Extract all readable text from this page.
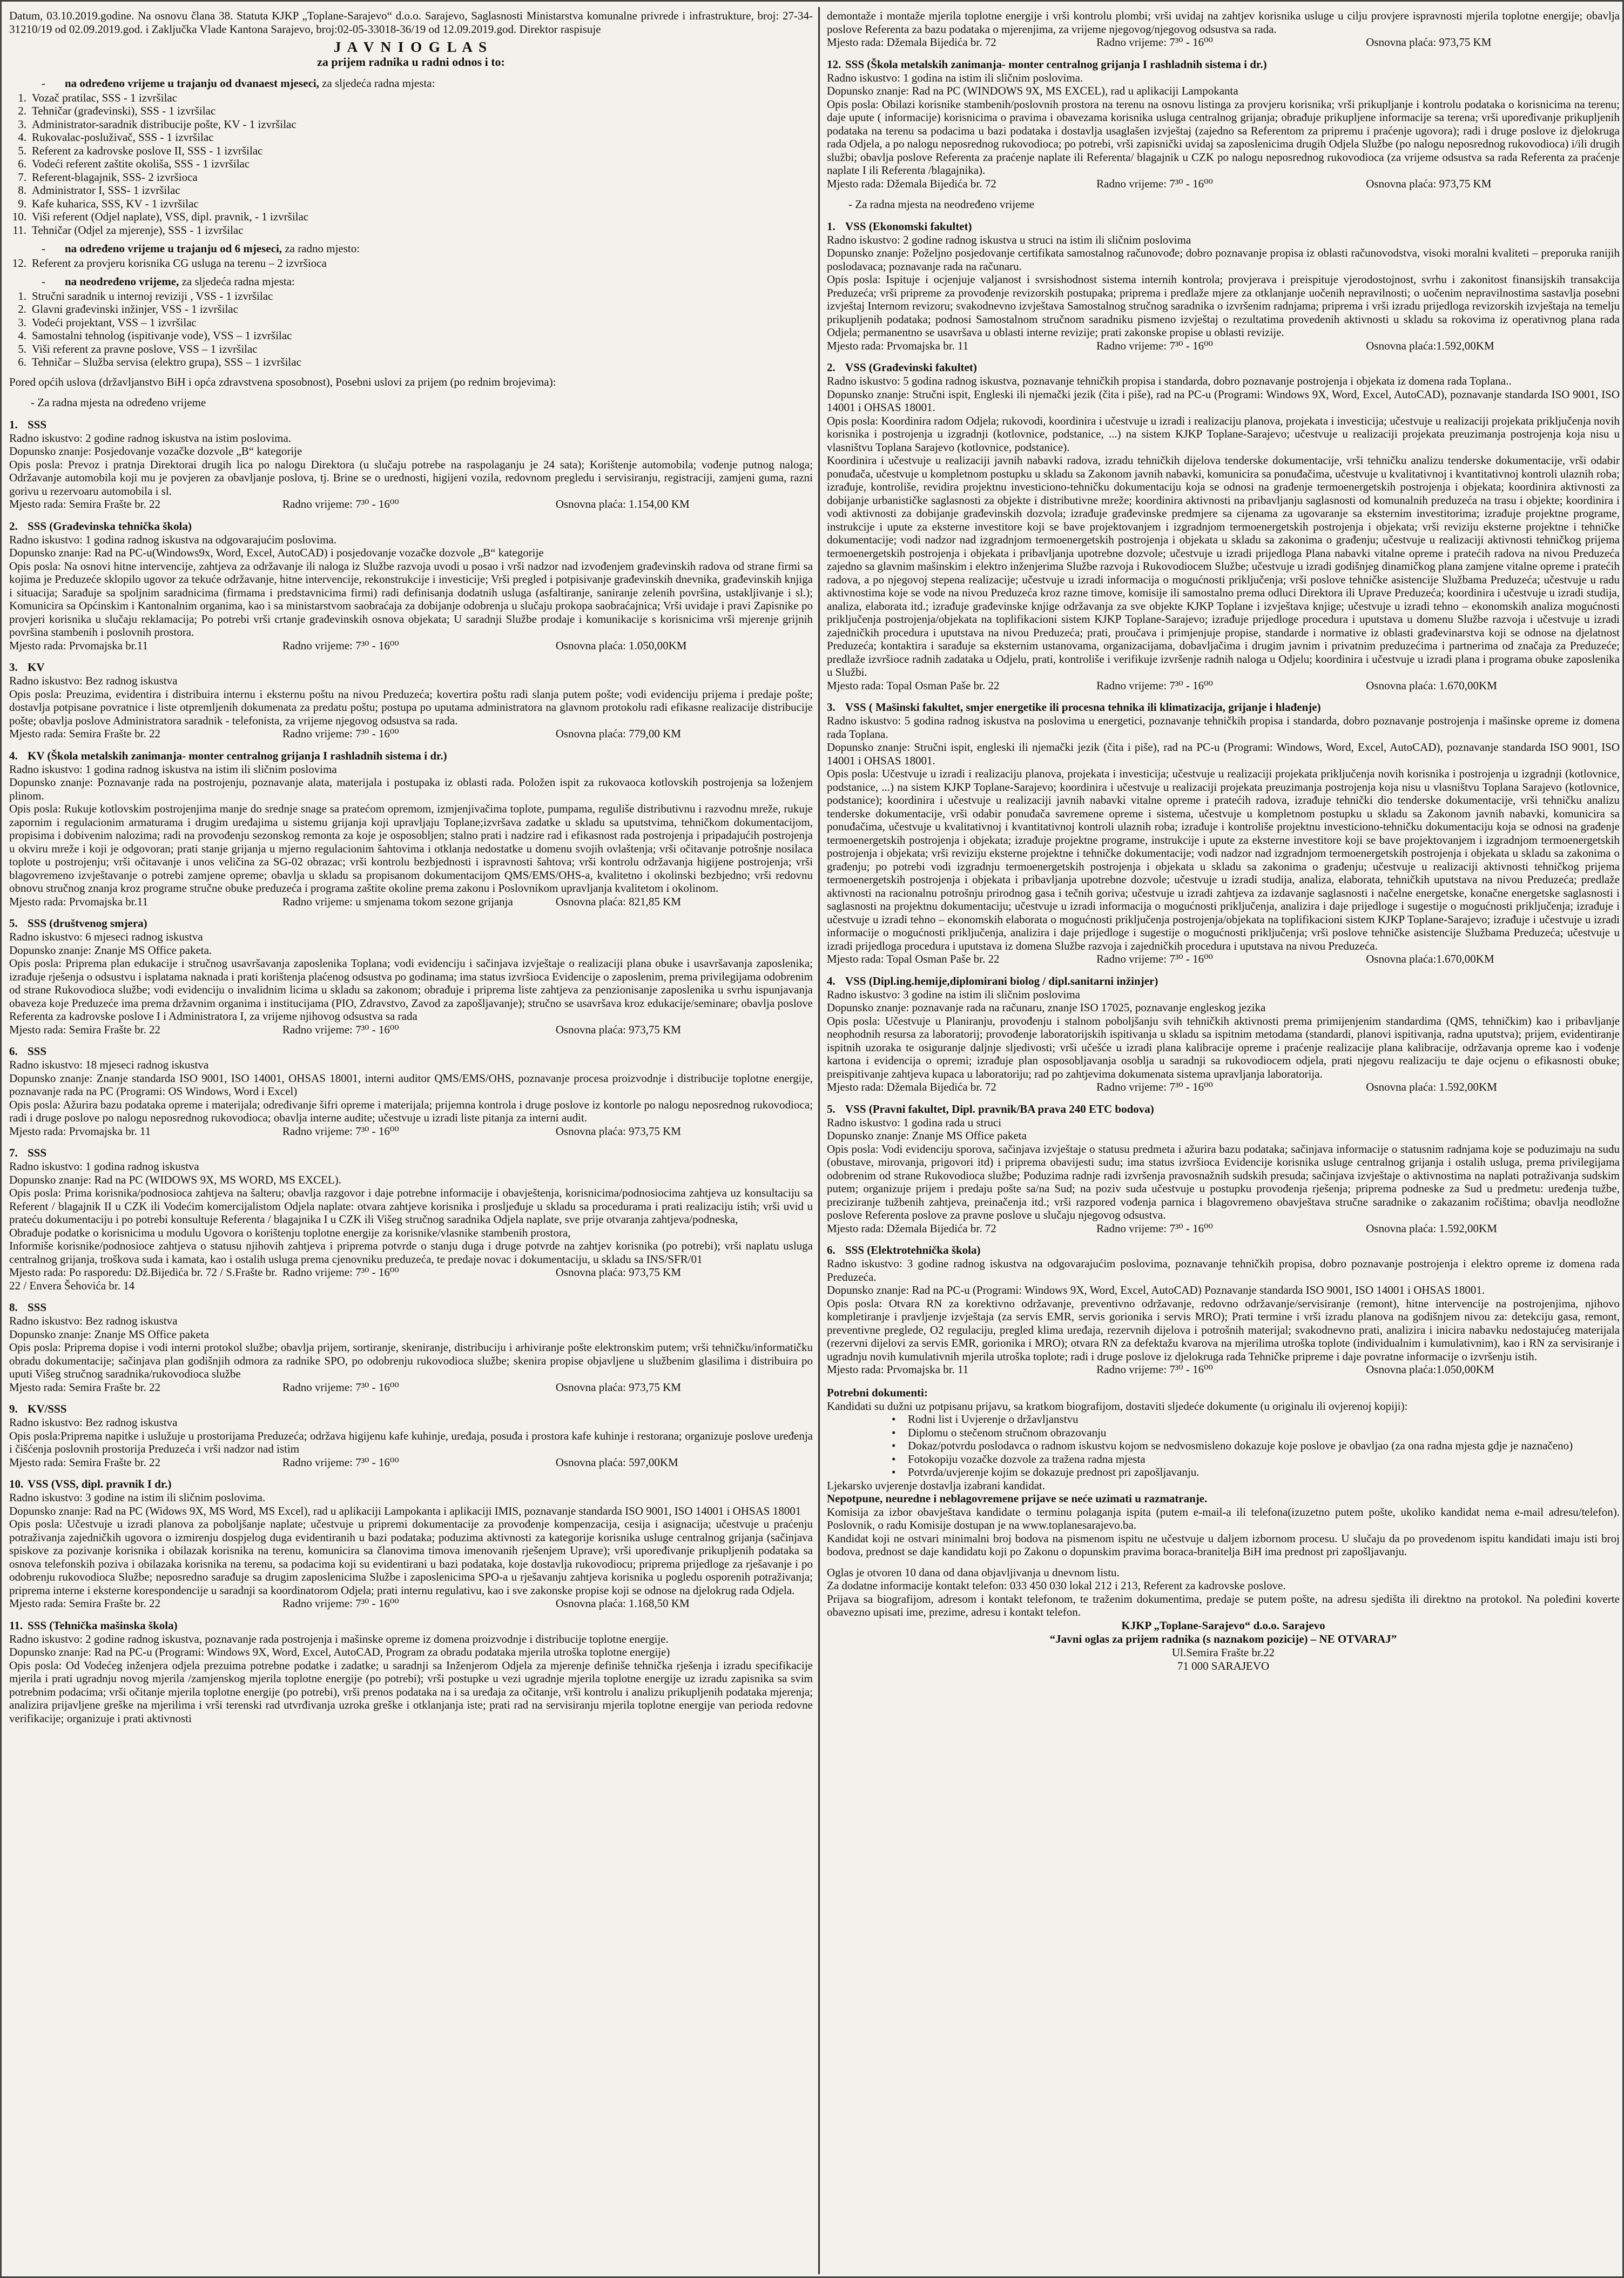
Datum, 03.10.2019.godine. Na osnovu člana 38. Statuta KJKP „Toplane-Sarajevo“ d.o.o. Sarajevo, Saglasnosti Ministarstva komunalne privrede i infrastrukture, broj: 27-34-31210/19 od 02.09.2019.god. i Zaključka Vlade Kantona Sarajevo, broj:02-05-33018-36/19 od 12.09.2019.god. Direktor raspisuje

J A V N I O G L A S
za prijem radnika u radni odnos i to:
- na određeno vrijeme u trajanju od dvanaest mjeseci, za sljedeća radna mjesta:
1. Vozač pratilac, SSS - 1 izvršilac
2. Tehničar (građevinski), SSS - 1 izvršilac
3. Administrator-saradnik distribucije pošte, KV - 1 izvršilac
4. Rukovalac-posluživač, SSS - 1 izvršilac
5. Referent za kadrovske poslove II, SSS - 1 izvršilac
6. Vodeći referent zaštite okoliša, SSS - 1 izvršilac
7. Referent-blagajnik, SSS- 2 izvršioca
8. Administrator I, SSS- 1 izvršilac
9. Kafe kuharica, SSS, KV - 1 izvršilac
10. Viši referent (Odjel naplate), VSS, dipl. pravnik, - 1 izvršilac
11. Tehničar (Odjel za mjerenje), SSS - 1 izvršilac
- na određeno vrijeme u trajanju od 6 mjeseci, za radno mjesto:
12. Referent za provjeru korisnika CG usluga na terenu – 2 izvršioca
- na neodređeno vrijeme, za sljedeća radna mjesta:
1. Stručni saradnik u internoj reviziji , VSS - 1 izvršilac
2. Glavni građevinski inžinjer, VSS - 1 izvršilac
3. Vodeći projektant, VSS – 1 izvršilac
4. Samostalni tehnolog (ispitivanje vode), VSS – 1 izvršilac
5. Viši referent za pravne poslove, VSS – 1 izvršilac
6. Tehničar – Služba servisa (elektro grupa), SSS – 1 izvršilac

Pored općih uslova (državljanstvo BiH i opća zdravstvena sposobnost), Posebni uslovi za prijem (po rednim brojevima):

- Za radna mjesta na određeno vrijeme
1. SSS

Radno iskustvo: 2 godine radnog iskustva na istim poslovima.

Dopunsko znanje: Posjedovanje vozačke dozvole „B“ kategorije

Opis posla: Prevoz i pratnja Direktorai drugih lica po nalogu Direktora (u slučaju potrebe na raspolaganju je 24 sata); Korištenje automobila; vođenje putnog naloga; Održavanje automobila koji mu je povjeren za obavljanje poslova, tj. Brine se o urednosti, higijeni vozila, redovnom pregledu i servisiranju, registraciji, zamjeni guma, razni gorivu u rezervoaru automobila i sl.

Mjesto rada: Semira Frašte br. 22	Radno vrijeme: 7³⁰ - 16⁰⁰	Osnovna plaća: 1.154,00 KM
2. SSS (Građevinska tehnička škola)

Radno iskustvo: 1 godina radnog iskustva na odgovarajućim poslovima.

Dopunsko znanje: Rad na PC-u(Windows9x, Word, Excel, AutoCAD) i posjedovanje vozačke dozvole „B“ kategorije

Opis posla: Na osnovi hitne intervencije, zahtjeva za održavanje ili naloga iz Službe razvoja uvodi u posao i vrši nadzor nad izvođenjem građevinskih radova od strane firmi sa kojima je Preduzeće sklopilo ugovor za tekuće održavanje, hitne intervencije, rekonstrukcije i investicije; Vrši pregled i potpisivanje građevinskih dnevnika, građevinskih knjiga i situacija; Sarađuje sa spoljnim saradnicima (firmama i predstavnicima firmi) radi definisanja dodatnih usluga (asfaltiranje, saniranje zelenih površina, ustakljivanje i sl.); Komunicira sa Općinskim i Kantonalnim organima, kao i sa ministarstvom saobraćaja za dobijanje odobrenja u slučaju prokopa saobraćajnica; Vrši uvidaje i pravi Zapisnike po provjeri korisnika u slučaju reklamacija; Po potrebi vrši crtanje građevinskih osnova objekata; U saradnji Službe prodaje i komunikacije s korisnicima vrši mjerenje grijnih površina stambenih i poslovnih prostora.

Mjesto rada: Prvomajska br.11	Radno vrijeme: 7³⁰ - 16⁰⁰	Osnovna plaća: 1.050,00KM
3. KV

Radno iskustvo: Bez radnog iskustva

Opis posla: Preuzima, evidentira i distribuira internu i eksternu poštu na nivou Preduzeća; kovertira poštu radi slanja putem pošte; vodi evidenciju prijema i predaje pošte; dostavlja potpisane povratnice i liste otpremljenih dokumenata za predatu poštu; postupa po uputama administratora na glavnom protokolu radi efikasne realizacije distribucije pošte; obavlja poslove Administratora saradnik - telefonista, za vrijeme njegovog odsustva sa rada.

Mjesto rada: Semira Frašte br. 22	Radno vrijeme: 7³⁰ - 16⁰⁰	Osnovna plaća: 779,00 KM
4. KV (Škola metalskih zanimanja- monter centralnog grijanja I rashladnih sistema i dr.)

Radno iskustvo: 1 godina radnog iskustva na istim ili sličnim poslovima

Dopunsko znanje: Poznavanje rada na postrojenju, poznavanje alata, materijala i postupaka iz oblasti rada. Položen ispit za rukovaoca kotlovskih postrojenja sa loženjem plinom.

Opis posla: Rukuje kotlovskim postrojenjima manje do srednje snage sa pratećom opremom, izmjenjivačima toplote, pumpama, regulišе distributivnu i razvodnu mreže, rukuje zapornim i regulacionim armaturama i drugim uređajima u sistemu grijanja koji upravljaju Toplane;izvršava zadatke u skladu sa uputstvima, tehničkom dokumentacijom, propisima i dobivenim nalozima; radi na provođenju sezonskog remonta za koje je osposobljen; stalno prati i nadzire rad i efikasnost rada postrojenja i pripadajućih postrojenja u okviru mreže i koji je odgovoran; prati stanje grijanja u mjerno regulacionim šahtovima i otklanja nedostatke u domenu svojih ovlaštenja; vrši očitavanje potrošnje nosilaca toplote u postrojenju; vrši očitavanje i unos veličina za SG-02 obrazac; vrši kontrolu bezbjednosti i ispravnosti šahtova; vrši kontrolu održavanja higijene postrojenja; vrši blagovremeno izvještavanje o potrebi zamjene opreme; obavlja u skladu sa propisanom dokumentacijom QMS/EMS/OHS-a, kvalitetno i okolinski bezbjedno; vrši redovnu obnovu stručnog znanja kroz programe stručne obuke preduzeća i programa zaštite okoline prema zakonu i Poslovnikom upravljanja kvalitetom i okolinom.

Mjesto rada: Prvomajska br.11	Radno vrijeme: u smjenama tokom sezone grijanja	Osnovna plaća: 821,85 KM
5. SSS (društvenog smjera)

Radno iskustvo: 6 mjeseci radnog iskustva

Dopunsko znanje: Znanje MS Office paketa.

Opis posla: Priprema plan edukacije i stručnog usavršavanja zaposlenika Toplana; vodi evidenciju i sačinjava izvještaje o realizaciji plana obuke i usavršavanja zaposlenika; izrađuje rješenja o odsustvu i isplatama naknada i prati korištenja plaćenog odsustva po godinama; ima status izvršioca Evidencije o zaposlenim, prema privilegijama odobrenim od strane Rukovodioca službe; vodi evidenciju o invalidnim licima u skladu sa zakonom; obrađuje i priprema liste zahtjeva za penzionisanje zaposlenika u svrhu ispunjavanja obaveza koje Preduzeće ima prema državnim organima i institucijama (PIO, Zdravstvo, Zavod za zapošljavanje); stručno se usavršava kroz edukacije/seminare; obavlja poslove Referenta za kadrovske poslove I i Administratora I, za vrijeme njihovog odsustva sa rada

Mjesto rada: Semira Frašte br. 22	Radno vrijeme: 7³⁰ - 16⁰⁰	Osnovna plaća: 973,75 KM
6. SSS

Radno iskustvo: 18 mjeseci radnog iskustva

Dopunsko znanje: Znanje standarda ISO 9001, ISO 14001, OHSAS 18001, interni auditor QMS/EMS/OHS, poznavanje procesa proizvodnje i distribucije toplotne energije, poznavanje rada na PC (Programi: OS Windows, Word i Excel)

Opis posla: Ažurira bazu podataka opreme i materijala; određivanje šifri opreme i materijala; prijemna kontrola i druge poslove iz kontorle po nalogu neposrednog rukovodioca; radi i druge poslove po nalogu neposrednog rukovodioca; obavlja interne audite; učestvuje u izradi liste pitanja za interni audit.

Mjesto rada: Prvomajska br. 11	Radno vrijeme: 7³⁰ - 16⁰⁰	Osnovna plaća: 973,75 KM
7. SSS

Radno iskustvo: 1 godina radnog iskustva

Dopunsko znanje: Rad na PC (WIDOWS 9X, MS WORD, MS EXCEL).

Opis posla: Prima korisnika/podnosioca zahtjeva na šalteru; obavlja razgovor i daje potrebne informacije i obavještenja, korisnicima/podnosiocima zahtjeva uz konsultaciju sa Referent / blagajnik II u CZK ili Vodećim komercijalistom Odjela naplate: otvara zahtjeve korisnika i prosljeđuje u skladu sa procedurama i prati realizaciju istih; vrši uvid u prateću dokumentaciju i po potrebi konsultuje Referenta / blagajnika I u CZK ili Višeg stručnog saradnika Odjela naplate, sve prije otvaranja zahtjeva/podneska,

Obrađuje podatke o korisnicima u modulu Ugovora o korištenju toplotne energije za korisnike/vlasnike stambenih prostora,

Informiše korisnike/podnosioce zahtjeva o statusu njihovih zahtjeva i priprema potvrde o stanju duga i druge potvrde na zahtjev korisnika (po potrebi); vrši naplatu usluga centralnog grijanja, troškova suda i kamata, kao i ostalih usluga prema cjenovniku preduzeća, te predaje novac i dokumentaciju, u skladu sa INS/SFR/01

Mjesto rada: Po rasporedu: Dž.Bijedića br. 72 / S.Frašte br. 22 / Envera Šehovića br. 14
Radno vrijeme: 7³⁰ - 16⁰⁰	Osnovna plaća: 973,75 KM
8. SSS

Radno iskustvo: Bez radnog iskustva

Dopunsko znanje: Znanje MS Office paketa

Opis posla: Priprema dopise i vodi interni protokol službe; obavlja prijem, sortiranje, skeniranje, distribuciju i arhiviranje pošte elektronskim putem; vrši tehničku/informatičku obradu dokumentacije; sačinjava plan godišnjih odmora za radnike SPO, po odobrenju rukovodioca službe; skenira propise objavljene u službenim glasilima i distribuira po uputi Višeg stručnog saradnika/rukovodioca službe

Mjesto rada: Semira Frašte br. 22	Radno vrijeme: 7³⁰ - 16⁰⁰	Osnovna plaća: 973,75 KM
9. KV/SSS

Radno iskustvo: Bez radnog iskustva

Opis posla:Priprema napitke i uslužuje u prostorijama Preduzeća; održava higijenu kafe kuhinje, uređaja, posuđa i prostora kafe kuhinje i restorana; organizuje poslove uređenja i čišćenja poslovnih prostorija Preduzeća i vrši nadzor nad istim

Mjesto rada: Semira Frašte br. 22	Radno vrijeme: 7³⁰ - 16⁰⁰	Osnovna plaća: 597,00KM
10. VSS (VSS, dipl. pravnik I dr.)

Radno iskustvo: 3 godine na istim ili sličnim poslovima.

Dopunsko znanje: Rad na PC (Widows 9X, MS Word, MS Excel), rad u aplikaciji Lampokanta i aplikaciji IMIS, poznavanje standarda ISO 9001, ISO 14001 i OHSAS 18001

Opis posla: Učestvuje u izradi planova za poboljšanje naplate; učestvuje u pripremi dokumentacije za provođenje kompenzacija, cesija i asignacija; učestvuje u praćenju potraživanja zajedničkih ugovora o izmirenju dospjelog duga evidentiranih u bazi podataka; poduzima aktivnosti za kategorije korisnika usluge centralnog grijanja (sačinjava spiskove za pozivanje korisnika i obilazak korisnika na terenu, komunicira sa članovima timova imenovanih rješenjem Uprave); vrši upoređivanje prikupljenih podataka sa osnova telefonskih poziva i obilazaka korisnika na terenu, sa podacima koji su evidentirani u bazi podataka, koje dostavlja rukovodiocu; priprema prijedloge za rješavanje i po odobrenju rukovodioca Službe; neposredno sarađuje sa drugim zaposlenicima Službe i zaposlenicima SPO-a u rješavanju zahtjeva korisnika u pogledu osporenih potraživanja; priprema interne i eksterne korespondencije u saradnji sa koordinatorom Odjela; prati internu regulativu, kao i sve zakonske propise koji se odnose na djelokrug rada Odjela.

Mjesto rada: Semira Frašte br. 22	Radno vrijeme: 7³⁰ - 16⁰⁰	Osnovna plaća: 1.168,50 KM
11. SSS (Tehnička mašinska škola)

Radno iskustvo: 2 godine radnog iskustva, poznavanje rada postrojenja i mašinske opreme iz domena proizvodnje i distribucije toplotne energije.

Dopunsko znanje: Rad na PC-u (Programi: Windows 9X, Word, Excel, AutoCAD, Program za obradu podataka mjerila utroška toplotne energije)

Opis posla: Od Vodećeg inženjera odjela prezuima potrebne podatke i zadatke; u saradnji sa Inženjerom Odjela za mjerenje definiše tehnička rješenja i izradu specifikacije mjerila i prati ugradnju novog mjerila /zamjenskog mjerila toplotne energije (po potrebi); vrši postupke u vezi ugradnje mjerila toplotne energije uz izradu zapisnika sa svim potrebnim podacima; vrši očitanje mjerila toplotne energije (po potrebi), vrši prenos podataka na i sa uređaja za očitanje, vrši kontrolu i analizu prikupljenih podataka mjerenja; analizira prijavljene greške na mjerilima i vrši terenski rad utvrđivanja uzroka greške i otklanjanja iste; prati rad na servisiranju mjerila toplotne energije van perioda redovne verifikacije; organizuje i prati aktivnosti

demontaže i montaže mjerila toplotne energije i vrši kontrolu plombi; vrši uvidaj na zahtjev korisnika usluge u cilju provjere ispravnosti mjerila toplotne energije; obavlja poslove Referenta za bazu podataka o mjerenjima, za vrijeme njegovog/njegovog odsustva sa rada.

Mjesto rada: Džemala Bijedića br. 72	Radno vrijeme: 7³⁰ - 16⁰⁰	Osnovna plaća: 973,75 KM
12. SSS (Škola metalskih zanimanja- monter centralnog grijanja I rashladnih sistema i dr.)

Radno iskustvo: 1 godina na istim ili sličnim poslovima.

Dopunsko znanje: Rad na PC (WINDOWS 9X, MS EXCEL), rad u aplikaciji Lampokanta

Opis posla: Obilazi korisnike stambenih/poslovnih prostora na terenu na osnovu listinga za provjeru korisnika; vrši prikupljanje i kontrolu podataka o korisnicima na terenu; daje upute ( informacije) korisnicima o pravima i obavezama korisnika usluga centralnog grijanja; obrađuje prikupljene informacije sa terena; vrši upoređivanje prikupljenih podataka na terenu sa podacima u bazi podataka i dostavlja usaglašen izvještaj (zajedno sa Referentom za pripremu i praćenje ugovora); radi i druge poslove iz djelokruga rada Odjela, a po nalogu neposrednog rukovodioca; po potrebi, vrši zapisnički uvidaj sa zaposlenicima drugih Odjela Službe (po nalogu neposrednog rukovodioca) i/ili drugih službi; obavlja poslove Referenta za praćenje naplate ili Referenta/ blagajnik u CZK po nalogu neposrednog rukovodioca (za vrijeme odsustva sa rada Referenta za praćenje naplate I ili Referenta /blagajnika).

Mjesto rada: Džemala Bijedića br. 72	Radno vrijeme: 7³⁰ - 16⁰⁰	Osnovna plaća: 973,75 KM
- Za radna mjesta na neodređeno vrijeme
1. VSS (Ekonomski fakultet)

Radno iskustvo: 2 godine radnog iskustva u struci na istim ili sličnim poslovima

Dopunsko znanje: Poželjno posjedovanje certifikata samostalnog računovođe; dobro poznavanje propisa iz oblasti računovodstva, visoki moralni kvaliteti – preporuka ranijih poslodavaca; poznavanje rada na računaru.

Opis posla: Ispituje i ocjenjuje valjanost i svrsishodnost sistema internih kontrola; provjerava i preispituje vjerodostojnost, svrhu i zakonitost finansijskih transakcija Preduzeća; vrši pripreme za provođenje revizorskih postupaka; priprema i predlaže mjere za otklanjanje uočenih nepravilnosti; o uočenim nepravilnostima sastavlja posebni izvještaj Internom revizoru; svakodnevno izvještava Samostalnog stručnog saradnika o izvršenim radnjama; priprema i vrši izradu prijedloga revizorskih izvještaja na temelju prikupljenih podataka; podnosi Samostalnom stručnom saradniku pismeno izvještaj o rezultatima provedenih aktivnosti u skladu sa rokovima iz operativnog plana rada Odjela; permanentno se usavršava u oblasti interne revizije; prati zakonske propise u oblasti revizije.

Mjesto rada: Prvomajska br. 11	Radno vrijeme: 7³⁰ - 16⁰⁰	Osnovna plaća:1.592,00KM
2. VSS (Građevinski fakultet)

Radno iskustvo: 5 godina radnog iskustva, poznavanje tehničkih propisa i standarda, dobro poznavanje postrojenja i objekata iz domena rada Toplana..

Dopunsko znanje: Stručni ispit, Engleski ili njemački jezik (čita i piše), rad na PC-u (Programi: Windows 9X, Word, Excel, AutoCAD), poznavanje standarda ISO 9001, ISO 14001 i OHSAS 18001.

Opis posla: Koordinira radom Odjela; rukovodi, koordinira i učestvuje u izradi i realizaciju planova, projekata i investicija; učestvuje u realizaciji projekata priključenja novih korisnika i postrojenja u izgradnji (kotlovnice, podstanice, ...) na sistem KJKP Toplane-Sarajevo; učestvuje u realizaciji projekata preuzimanja postrojenja koja nisu u vlasništvu Toplana Sarajevo (kotlovnice, podstanice).

Koordinira i učestvuje u realizaciji javnih nabavki radova, izradu tehničkih dijelova tenderske dokumentacije, vrši tehničku analizu tenderske dokumentacije, vrši odabir ponuđača, učestvuje u kompletnom postupku u skladu sa Zakonom javnih nabavki, komunicira sa ponuđačima, učestvuje u kvalitativnoj i kvantitativnoj kontroli ulaznih roba; izrađuje, kontroliše, revidira projektnu investiciono-tehničku dokumentaciju koja se odnosi na građenje termoenergetskih postrojenja i objekata; koordinira aktivnosti za dobijanje urbanističke saglasnosti za objekte i distributivne mreže; koordinira aktivnosti na pribavljanju saglasnosti od komunalnih preduzeća na trasu i objekte; koordinira i vodi aktivnosti za dobijanje građevinskih dozvola; izrađuje građevinske predmjere sa cijenama za ugovaranje sa eksternim investitorima; izrađuje projektne programe, instrukcije i upute za eksterne investitore koji se bave projektovanjem i izgradnjom termoenergetskih postrojenja i objekata; vrši reviziju eksterne projektne i tehničke dokumentacije; vodi nadzor nad izgradnjom termoenergetskih postrojenja i objekata u skladu sa zakonima o građenju; učestvuje u realizaciji aktivnosti tehničkog prijema termoenergetskih postrojenja i objekata i pribavljanja upotrebne dozvole; učestvuje u izradi prijedloga Plana nabavki vitalne opreme i pratećih radova na nivou Preduzeća zajedno sa glavnim mašinskim i elektro inženjerima Službe razvoja i Rukovodiocem Službe; učestvuje u izradi godišnjeg dinamičkog plana zamjene vitalne opreme i pratećih radova, a po njegovoj stepena realizacije; učestvuje u izradi informacija o mogućnosti priključenja; vrši poslove tehničke asistencije Službama Preduzeća; učestvuje u radu aktivnostima koje se vode na nivou Preduzeća kroz razne timove, komisije ili samostalno prema odluci Direktora ili Uprave Preduzeća; koordinira i učestvuje u izradi studija, analiza, elaborata itd.; izrađuje građevinske knjige održavanja za sve objekte KJKP Toplane i izvještava knjige; učestvuje u izradi tehno – ekonomskih analiza mogućnosti priključenja postrojenja/objekata na toplifikacioni sistem KJKP Toplane-Sarajevo; izrađuje prijedloge procedura i uputstava u domenu Službe razvoja i učestvuje u izradi zajedničkih procedura i uputstava na nivou Preduzeća; prati, proučava i primjenjuje propise, standarde i normative iz oblasti građevinarstva koji se odnose na djelatnost Preduzeća; kontaktira i sarađuje sa eksternim ustanovama, organizacijama, dobavljačima i drugim javnim i privatnim preduzećima i partnerima od značaja za Preduzeće; predlaže izvršioce radnih zadataka u Odjelu, prati, kontroliše i verifikuje izvršenje radnih naloga u Odjelu; koordinira i učestvuje u izradi plana i programa obuke zaposlenika u Službi.

Mjesto rada: Topal Osman Paše br. 22	Radno vrijeme: 7³⁰ - 16⁰⁰	Osnovna plaća: 1.670,00KM
3. VSS ( Mašinski fakultet, smjer energetike ili procesna tehnika ili klimatizacija, grijanje i hlađenje)

Radno iskustvo: 5 godina radnog iskustva na poslovima u energetici, poznavanje tehničkih propisa i standarda, dobro poznavanje postrojenja i mašinske opreme iz domena rada Toplana.

Dopunsko znanje: Stručni ispit, engleski ili njemački jezik (čita i piše), rad na PC-u (Programi: Windows, Word, Excel, AutoCAD), poznavanje standarda ISO 9001, ISO 14001 i OHSAS 18001.

Opis posla: Učestvuje u izradi i realizaciju planova, projekata i investicija; učestvuje u realizaciji projekata priključenja novih korisnika i postrojenja u izgradnji (kotlovnice, podstanice, ...) na sistem KJKP Toplane-Sarajevo; koordinira i učestvuje u realizaciji projekata preuzimanja postrojenja koja nisu u vlasništvu Toplana Sarajevo (kotlovnice, podstanice); koordinira i učestvuje u realizaciji javnih nabavki vitalne opreme i pratećih radova, izrađuje tehnički dio tenderske dokumentacije, vrši tehničku analizu tenderske dokumentacije, vrši odabir ponuđača savremene opreme i sistema, učestvuje u kompletnom postupku u skladu sa Zakonom javnih nabavki, komunicira sa ponuđačima, učestvuje u kvalitativnoj i kvantitativnoj kontroli ulaznih roba; izrađuje i kontroliše projektnu investiciono-tehničku dokumentaciju koja se odnosi na građenje termoenergetskih postrojenja i objekata; izrađuje projektne programe, instrukcije i upute za eksterne investitore koji se bave projektovanjem i izgradnjom termoenergetskih postrojenja i objekata; vrši reviziju eksterne projektne i tehničke dokumentacije; vodi nadzor nad izgradnjom termoenergetskih postrojenja i objekata u skladu sa zakonima o građenju; po potrebi vodi izgradnju termoenergetskih postrojenja i objekata u skladu sa zakonima o građenju; učestvuje u realizaciji aktivnosti tehničkog prijema termoenergetskih postrojenja i objekata i pribavljanja upotrebne dozvole; učestvuje u izradi studija, analiza, elaborata, tehničkih uputstava na nivou Preduzeća; predlaže aktivnosti na racionalnu potrošnju prirodnog gasa i tečnih goriva; učestvuje u izradi zahtjeva za izdavanje saglasnosti i načelne energetske, konačne energetske saglasnosti i saglasnosti na projektnu dokumentaciju; učestvuje u izradi informacija o mogućnosti priključenja, analizira i daje prijedloge i sugestije o mogućnosti priključenja; izrađuje i učestvuje u izradi tehno – ekonomskih elaborata o mogućnosti priključenja postrojenja/objekata na toplifikacioni sistem KJKP Toplane-Sarajevo; izrađuje i učestvuje u izradi informacije o mogućnosti priključenja, analizira i daje prijedloge i sugestije o mogućnosti priključenja; vrši poslove tehničke asistencije Službama Preduzeća; učestvuje u izradi prijedloga procedura i uputstava iz domena Službe razvoja i zajedničkih procedura i uputstava na nivou Preduzeća.

Mjesto rada: Topal Osman Paše br. 22	Radno vrijeme: 7³⁰ - 16⁰⁰	Osnovna plaća:1.670,00KM
4. VSS (Dipl.ing.hemije,diplomirani biolog / dipl.sanitarni inžinjer)

Radno iskustvo: 3 godine na istim ili sličnim poslovima

Dopunsko znanje: poznavanje rada na računaru, znanje ISO 17025, poznavanje engleskog jezika

Opis posla: Učestvuje u Planiranju, provođenju i stalnom poboljšanju svih tehničkih aktivnosti prema primijenjenim standardima (QMS, tehničkim) kao i pribavljanje neophodnih resursa za laboratorij; provođenje laboratorijskih ispitivanja u skladu sa ispitnim metodama (standardi, planovi ispitivanja, radna uputstva); prijem, evidentiranje ispitnih uzoraka te osiguranje daljnje sljedivosti; vrši učešće u izradi plana kalibracije opreme i praćenje realizacije plana kalibracije, održavanja opreme kao i vođenje kartona i evidencija o opremi; izrađuje plan osposobljavanja osoblja u saradnji sa rukovodiocem odjela, prati njegovu realizaciju te daje ocjenu o efikasnosti obuke; preispitivanje zahtjeva kupaca u laboratoriju; rad po zahtjevima dokumenata sistema upravljanja laboratorija.

Mjesto rada: Džemala Bijedića br. 72	Radno vrijeme: 7³⁰ - 16⁰⁰	Osnovna plaća: 1.592,00KM
5. VSS (Pravni fakultet, Dipl. pravnik/BA prava 240 ETC bodova)

Radno iskustvo: 1 godina rada u struci

Dopunsko znanje: Znanje MS Office paketa

Opis posla: Vodi evidenciju sporova, sačinjava izvještaje o statusu predmeta i ažurira bazu podataka; sačinjava informacije o statusnim radnjama koje se poduzimaju na sudu (obustave, mirovanja, prigovori itd) i priprema obavijesti sudu; ima status izvršioca Evidencije korisnika usluge centralnog grijanja i ostalih usluga, prema privilegijama odobrenim od strane Rukovodioca službe; Poduzima radnje radi izvršenja pravosnažnih sudskih presuda; sačinjava izvještaje o aktivnostima na naplati potraživanja sudskim putem; organizuje prijem i predaju pošte sa/na Sud; na poziv suda učestvuje u postupku provođenja rješenja; priprema podneske za Sud u predmetu: uređenja tužbe, preciziranje tužbenih zahtjeva, preinačenja itd.; vrši razpored vođenja parnica i blagovremeno obavještava stručne saradnike o zakazanim ročištima; obavlja neodložne poslove Referenta poslove za pravne poslove u slučaju njegovog odsustva.

Mjesto rada: Džemala Bijedića br. 72	Radno vrijeme: 7³⁰ - 16⁰⁰	Osnovna plaća: 1.592,00KM
6. SSS (Elektrotehnička škola)

Radno iskustvo: 3 godine radnog iskustva na odgovarajućim poslovima, poznavanje tehničkih propisa, dobro poznavanje postrojenja i elektro opreme iz domena rada Preduzeća.

Dopunsko znanje: Rad na PC-u (Programi: Windows 9X, Word, Excel, AutoCAD) Poznavanje standarda ISO 9001, ISO 14001 i OHSAS 18001.

Opis posla: Otvara RN za korektivno održavanje, preventivno održavanje, redovno održavanje/servisiranje (remont), hitne intervencije na postrojenjima, njihovo kompletiranje i pravljenje izvještaja (za servis EMR, servis gorionika i servis MRO); Prati termine i vrši izradu planova na godišnjem nivou za: detekciju gasa, remont, preventivne preglede, O2 regulaciju, pregled klima uređaja, rezervnih dijelova i potrošnih materijal; svakodnevno prati, analizira i inicira nabavku nedostajućeg materijala (rezervni dijelovi za servis EMR, gorionika i MRO); otvara RN za defektažu kvarova na mjerilima utroška toplote (individualnim i kumulativnim), kao i RN za servisiranje i ugradnju novih kumulativnih mjerila utroška toplote; radi i druge poslove iz djelokruga rada Tehničke pripreme i daje povratne informacije o izvršenju istih.

Mjesto rada: Prvomajska br. 11	Radno vrijeme: 7³⁰ - 16⁰⁰	Osnovna plaća:1.050,00KM
Potrebni dokumenti:

Kandidati su dužni uz potpisanu prijavu, sa kratkom biografijom, dostaviti sljedeće dokumente (u originalu ili ovjerenoj kopiji):

•	Rodni list i Uvjerenje o državljanstvu
•	Diplomu o stečenom stručnom obrazovanju
•	Dokaz/potvrdu poslodavca o radnom iskustvu kojom se nedvosmisleno dokazuje koje poslove je obavljao (za ona radna mjesta gdje je naznačeno)
•	Fotokopiju vozačke dozvole za tražena radna mjesta
•	Potvrda/uvjerenje kojim se dokazuje prednost pri zapošljavanju.

Ljekarsko uvjerenje dostavlja izabrani kandidat.

Nepotpune, neuredne i neblagovremene prijave se neće uzimati u razmatranje.

Komisija za izbor obavještava kandidate o terminu polaganja ispita (putem e-mail-a ili telefona(izuzetno putem pošte, ukoliko kandidat nema e-mail adresu/telefon). Poslovnik, o radu Komisije dostupan je na www.toplanesarajevo.ba.

Kandidat koji ne ostvari minimalni broj bodova na pismenom ispitu ne učestvuje u daljem izbornom procesu. U slučaju da po provedenom ispitu kandidati imaju isti broj bodova, prednost se daje kandidatu koji po Zakonu o dopunskim pravima boraca-branitelja BiH ima prednost pri zapošljavanju.

Oglas je otvoren 10 dana od dana objavljivanja u dnevnom listu.

Za dodatne informacije kontakt telefon: 033 450 030 lokal 212 i 213, Referent za kadrovske poslove.

Prijava sa biografijom, adresom i kontakt telefonom, te traženim dokumentima, predaje se putem pošte, na adresu sjedišta ili direktno na protokol. Na poleđini koverte obavezno upisati ime, prezime, adresu i kontakt telefon.

KJKP „Toplane-Sarajevo“ d.o.o. Sarajevo
“Javni oglas za prijem radnika (s naznakom pozicije) – NE OTVARAJ”
Ul.Semira Frašte br.22
71 000 SARAJEVO
